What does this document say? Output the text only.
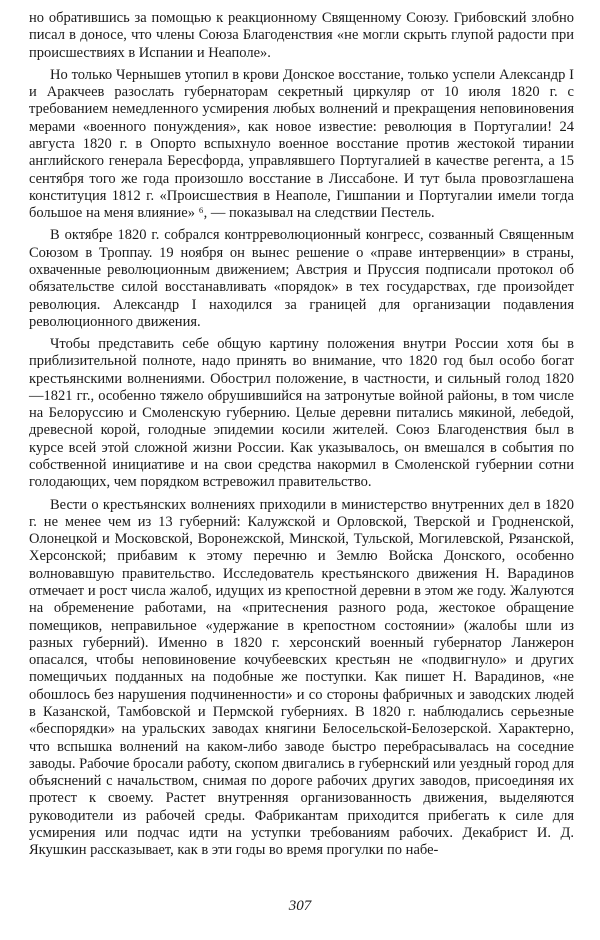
но обратившись за помощью к реакционному Священному Союзу. Грибовский злобно писал в доносе, что члены Союза Благоденствия «не могли скрыть глупой радости при происшествиях в Испании и Неаполе».

Но только Чернышев утопил в крови Донское восстание, только успели Александр I и Аракчеев разослать губернаторам секретный циркуляр от 10 июля 1820 г. с требованием немедленного усмирения любых волнений и прекращения неповиновения мерами «военного понуждения», как новое известие: революция в Португалии! 24 августа 1820 г. в Опорто вспыхнуло военное восстание против жестокой тирании английского генерала Бересфорда, управлявшего Португалией в качестве регента, а 15 сентября того же года произошло восстание в Лиссабоне. И тут была провозглашена конституция 1812 г. «Происшествия в Неаполе, Гишпании и Португалии имели тогда большое на меня влияние» ⁶, — показывал на следствии Пестель.

В октябре 1820 г. собрался контрреволюционный конгресс, созванный Священным Союзом в Троппау. 19 ноября он вынес решение о «праве интервенции» в страны, охваченные революционным движением; Австрия и Пруссия подписали протокол об обязательстве силой восстанавливать «порядок» в тех государствах, где произойдет революция. Александр I находился за границей для организации подавления революционного движения.

Чтобы представить себе общую картину положения внутри России хотя бы в приблизительной полноте, надо принять во внимание, что 1820 год был особо богат крестьянскими волнениями. Обострил положение, в частности, и сильный голод 1820—1821 гг., особенно тяжело обрушившийся на затронутые войной районы, в том числе на Белоруссию и Смоленскую губернию. Целые деревни питались мякиной, лебедой, древесной корой, голодные эпидемии косили жителей. Союз Благоденствия был в курсе всей этой сложной жизни России. Как указывалось, он вмешался в события по собственной инициативе и на свои средства накормил в Смоленской губернии сотни голодающих, чем порядком встревожил правительство.

Вести о крестьянских волнениях приходили в министерство внутренних дел в 1820 г. не менее чем из 13 губерний: Калужской и Орловской, Тверской и Гродненской, Олонецкой и Московской, Воронежской, Минской, Тульской, Могилевской, Рязанской, Херсонской; прибавим к этому перечню и Землю Войска Донского, особенно волновавшую правительство. Исследователь крестьянского движения Н. Варадинов отмечает и рост числа жалоб, идущих из крепостной деревни в этом же году. Жалуются на обременение работами, на «притеснения разного рода, жестокое обращение помещиков, неправильное «удержание в крепостном состоянии» (жалобы шли из разных губерний). Именно в 1820 г. херсонский военный губернатор Ланжерон опасался, чтобы неповиновение кочубеевских крестьян не «подвигнуло» и других помещичьих подданных на подобные же поступки. Как пишет Н. Варадинов, «не обошлось без нарушения подчиненности» и со стороны фабричных и заводских людей в Казанской, Тамбовской и Пермской губерниях. В 1820 г. наблюдались серьезные «беспорядки» на уральских заводах княгини Белосельской-Белозерской. Характерно, что вспышка волнений на каком-либо заводе быстро перебрасывалась на соседние заводы. Рабочие бросали работу, скопом двигались в губернский или уездный город для объяснений с начальством, снимая по дороге рабочих других заводов, присоединяя их протест к своему. Растет внутренняя организованность движения, выделяются руководители из рабочей среды. Фабрикантам приходится прибегать к силе для усмирения или подчас идти на уступки требованиям рабочих. Декабрист И. Д. Якушкин рассказывает, как в эти годы во время прогулки по набе-

307
